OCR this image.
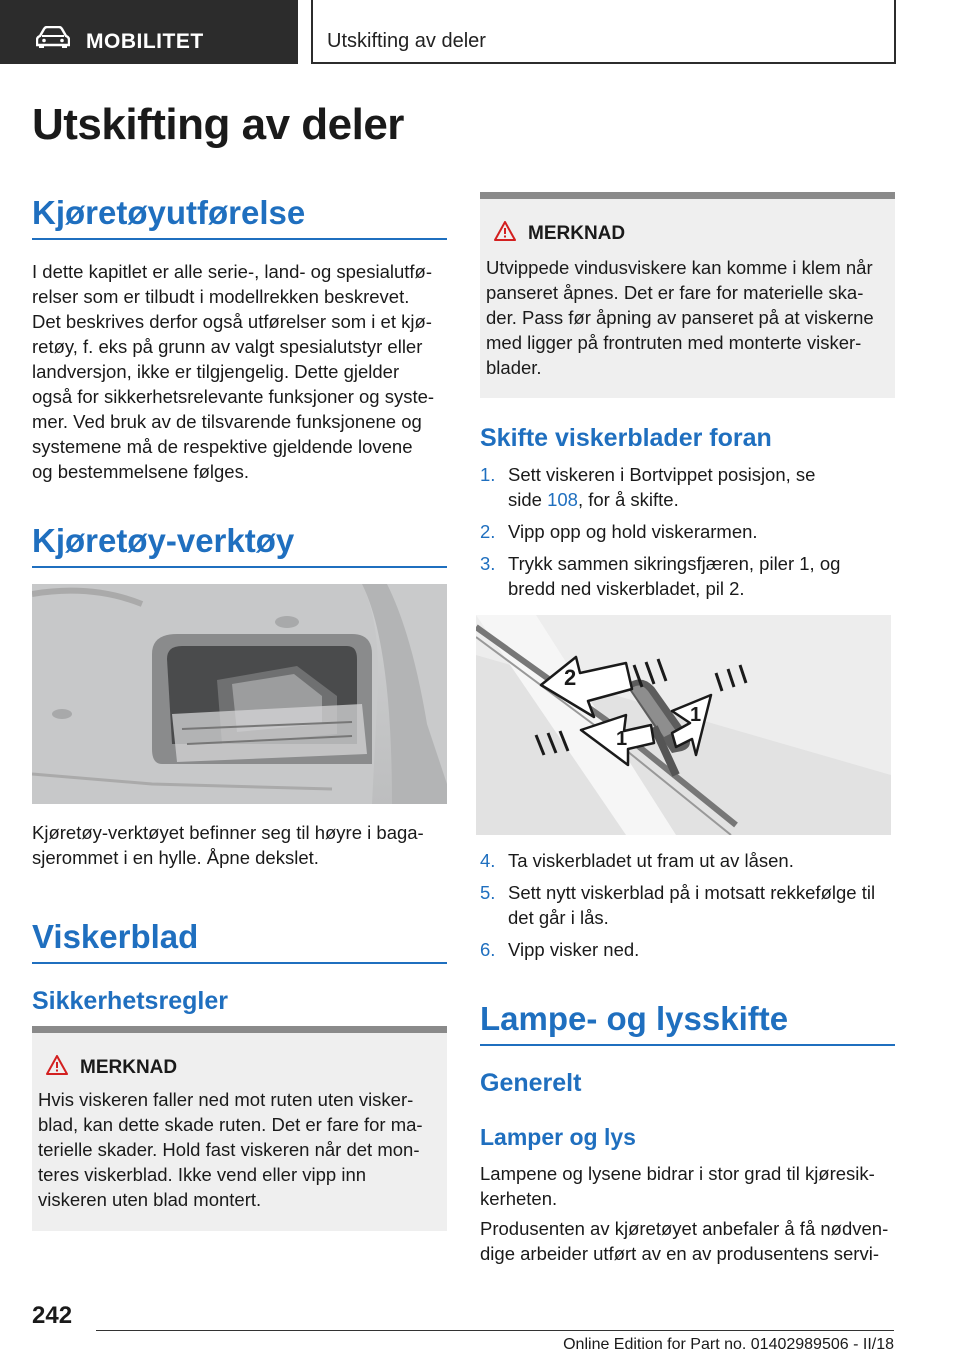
MOBILITET	Utskifting av deler
Utskifting av deler
Kjøretøyutførelse
I dette kapitlet er alle serie-, land- og spesialutfø-
relser som er tilbudt i modellrekken beskrevet.
Det beskrives derfor også utførelser som i et kjø-
retøy, f. eks på grunn av valgt spesialutstyr eller
landversjon, ikke er tilgjengelig. Dette gjelder
også for sikkerhetsrelevante funksjoner og syste-
mer. Ved bruk av de tilsvarende funksjonene og
systemene må de respektive gjeldende lovene
og bestemmelsene følges.
Kjøretøy-verktøy
Kjøretøy-verktøyet befinner seg til høyre i baga-
sjerommet i en hylle. Åpne dekslet.
Viskerblad
Sikkerhetsregler
MERKNAD
Hvis viskeren faller ned mot ruten uten visker-
blad, kan dette skade ruten. Det er fare for ma-
terielle skader. Hold fast viskeren når det mon-
teres viskerblad. Ikke vend eller vipp inn
viskeren uten blad montert.
MERKNAD
Utvippede vindusviskere kan komme i klem når
panseret åpnes. Det er fare for materielle ska-
der. Pass før åpning av panseret på at viskerne
med ligger på frontruten med monterte visker-
blader.
Skifte viskerblader foran
1. Sett viskeren i Bortvippet posisjon, se
side 108, for å skifte.
2. Vipp opp og hold viskerarmen.
3. Trykk sammen sikringsfjæren, piler 1, og
bredd ned viskerbladet, pil 2.
2
1
1
4. Ta viskerbladet ut fram ut av låsen.
5. Sett nytt viskerblad på i motsatt rekkefølge til
det går i lås.
6. Vipp visker ned.
Lampe- og lysskifte
Generelt
Lamper og lys
Lampene og lysene bidrar i stor grad til kjøresik-
kerheten.
Produsenten av kjøretøyet anbefaler å få nødven-
dige arbeider utført av en av produsentens servi-
242
Online Edition for Part no. 01402989506 - II/18
